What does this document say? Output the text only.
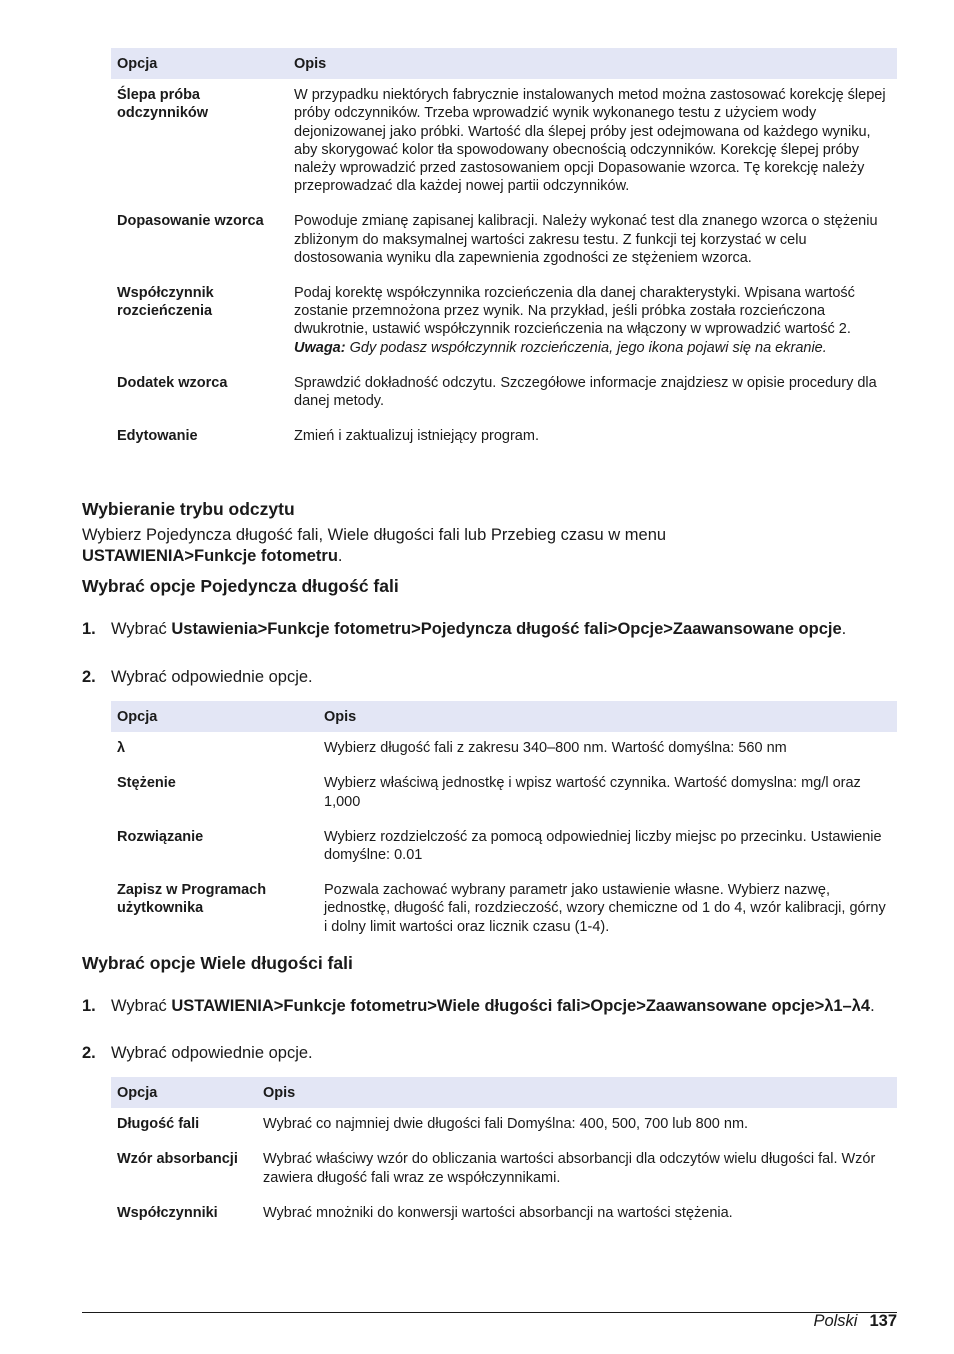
Opcja	Opis
Ślepa próba odczynników	W przypadku niektórych fabrycznie instalowanych metod można zastosować korekcję ślepej próby odczynników. Trzeba wprowadzić wynik wykonanego testu z użyciem wody dejonizowanej jako próbki. Wartość dla ślepej próby jest odejmowana od każdego wyniku, aby skorygować kolor tła spowodowany obecnością odczynników. Korekcję ślepej próby należy wprowadzić przed zastosowaniem opcji Dopasowanie wzorca. Tę korekcję należy przeprowadzać dla każdej nowej partii odczynników.
Dopasowanie wzorca	Powoduje zmianę zapisanej kalibracji. Należy wykonać test dla znanego wzorca o stężeniu zbliżonym do maksymalnej wartości zakresu testu. Z funkcji tej korzystać w celu dostosowania wyniku dla zapewnienia zgodności ze stężeniem wzorca.
Współczynnik rozcieńczenia	Podaj korektę współczynnika rozcieńczenia dla danej charakterystyki. Wpisana wartość zostanie przemnożona przez wynik. Na przykład, jeśli próbka została rozcieńczona dwukrotnie, ustawić współczynnik rozcieńczenia na włączony w wprowadzić wartość 2.
Uwaga: Gdy podasz współczynnik rozcieńczenia, jego ikona pojawi się na ekranie.
Dodatek wzorca	Sprawdzić dokładność odczytu. Szczegółowe informacje znajdziesz w opisie procedury dla danej metody.
Edytowanie	Zmień i zaktualizuj istniejący program.
Wybieranie trybu odczytu

Wybierz Pojedyncza długość fali, Wiele długości fali lub Przebieg czasu w menu
USTAWIENIA>Funkcje fotometru.

Wybrać opcje Pojedyncza długość fali
1. Wybrać Ustawienia>Funkcje fotometru>Pojedyncza długość fali>Opcje>Zaawansowane opcje.
2. Wybrać odpowiednie opcje.
Opcja	Opis
λ	Wybierz długość fali z zakresu 340–800 nm. Wartość domyślna: 560 nm
Stężenie	Wybierz właściwą jednostkę i wpisz wartość czynnika. Wartość domyslna: mg/l oraz 1,000
Rozwiązanie	Wybierz rozdzielczość za pomocą odpowiedniej liczby miejsc po przecinku. Ustawienie domyślne: 0.01
Zapisz w Programach użytkownika	Pozwala zachować wybrany parametr jako ustawienie własne. Wybierz nazwę, jednostkę, długość fali, rozdzieczość, wzory chemiczne od 1 do 4, wzór kalibracji, górny i dolny limit wartości oraz licznik czasu (1-4).
Wybrać opcje Wiele długości fali
1. Wybrać USTAWIENIA>Funkcje fotometru>Wiele długości fali>Opcje>Zaawansowane opcje>λ1–λ4.
2. Wybrać odpowiednie opcje.
Opcja	Opis
Długość fali	Wybrać co najmniej dwie długości fali Domyślna: 400, 500, 700 lub 800 nm.
Wzór absorbancji	Wybrać właściwy wzór do obliczania wartości absorbancji dla odczytów wielu długości fal. Wzór zawiera długość fali wraz ze współczynnikami.
Współczynniki	Wybrać mnożniki do konwersji wartości absorbancji na wartości stężenia.
Polski 137
